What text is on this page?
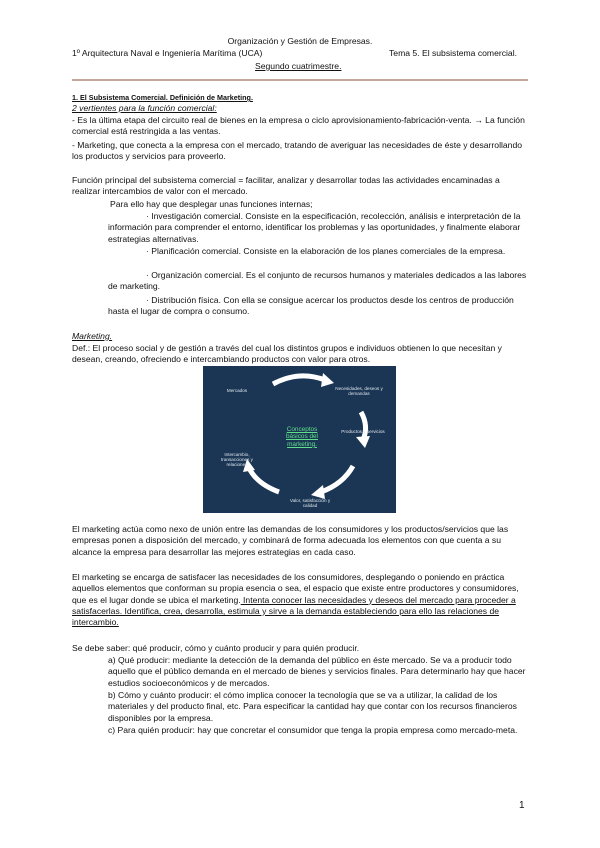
Organización y Gestión de Empresas.
1º Arquitectura Naval e Ingeniería Marítima (UCA)	Tema 5. El subsistema comercial.
Segundo cuatrimestre.
1. El Subsistema Comercial. Definición de Marketing.
2 vertientes para la función comercial:

- Es la última etapa del circuito real de bienes en la empresa o ciclo aprovisionamiento-fabricación-venta. → La función comercial está restringida a las ventas.

- Marketing, que conecta a la empresa con el mercado, tratando de averiguar las necesidades de éste y desarrollando los productos y servicios para proveerlo.

Función principal del subsistema comercial = facilitar, analizar y desarrollar todas las actividades encaminadas a realizar intercambios de valor con el mercado.

Para ello hay que desplegar unas funciones internas;

· Investigación comercial. Consiste en la especificación, recolección, análisis e interpretación de la información para comprender el entorno, identificar los problemas y las oportunidades, y finalmente elaborar estrategias alternativas.

· Planificación comercial. Consiste en la elaboración de los planes comerciales de la empresa.

· Organización comercial. Es el conjunto de recursos humanos y materiales dedicados a las labores de marketing.

· Distribución física. Con ella se consigue acercar los productos desde los centros de producción hasta el lugar de compra o consumo.

Marketing.

Def.: El proceso social y de gestión a través del cual los distintos grupos e individuos obtienen lo que necesitan y desean, creando, ofreciendo e intercambiando productos con valor para otros.

Mercados	Necesidades, deseos y demandas
Productos y servicios
Valor, satisfacción y calidad
Intercambio, transacciones y relaciones
Conceptos básicos del marketing.

El marketing actúa como nexo de unión entre las demandas de los consumidores y los productos/servicios que las empresas ponen a disposición del mercado, y combinará de forma adecuada los elementos con que cuenta a su alcance la empresa para desarrollar las mejores estrategias en cada caso.

El marketing se encarga de satisfacer las necesidades de los consumidores, desplegando o poniendo en práctica aquellos elementos que conforman su propia esencia o sea, el espacio que existe entre productores y consumidores, que es el lugar donde se ubica el marketing. Intenta conocer las necesidades y deseos del mercado para proceder a satisfacerlas. Identifica, crea, desarrolla, estimula y sirve a la demanda estableciendo para ello las relaciones de intercambio.

Se debe saber: qué producir, cómo y cuánto producir y para quién producir.

a) Qué producir: mediante la detección de la demanda del público en éste mercado. Se va a producir todo aquello que el público demanda en el mercado de bienes y servicios finales. Para determinarlo hay que hacer estudios socioeconómicos y de mercados.

b) Cómo y cuánto producir: el cómo implica conocer la tecnología que se va a utilizar, la calidad de los materiales y del producto final, etc. Para especificar la cantidad hay que contar con los recursos financieros disponibles por la empresa.

c) Para quién producir: hay que concretar el consumidor que tenga la propia empresa como mercado-meta.

1
